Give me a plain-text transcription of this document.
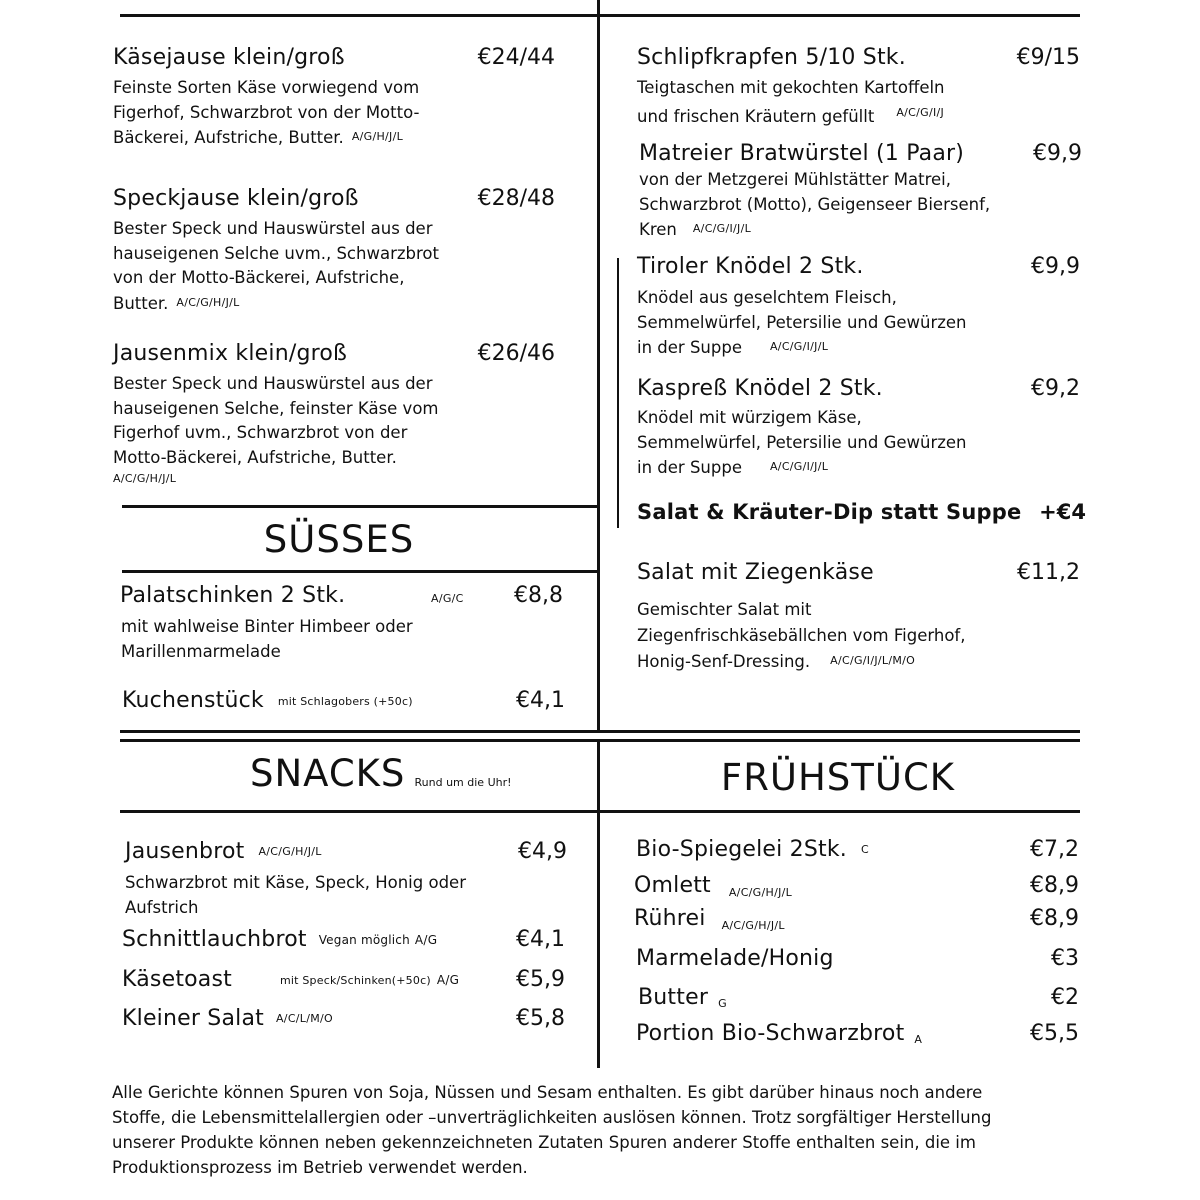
Käsejause klein/groß	€24/44
Feinste Sorten Käse vorwiegend vom
Figerhof, Schwarzbrot von der Motto-
Bäckerei, Aufstriche, Butter. A/G/H/J/L
Speckjause klein/groß	€28/48
Bester Speck und Hauswürstel aus der
hauseigenen Selche uvm., Schwarzbrot
von der Motto-Bäckerei, Aufstriche,
Butter. A/C/G/H/J/L
Jausenmix klein/groß	€26/46
Bester Speck und Hauswürstel aus der
hauseigenen Selche, feinster Käse vom
Figerhof uvm., Schwarzbrot von der
Motto-Bäckerei, Aufstriche, Butter.
A/C/G/H/J/L
SÜSSES
Palatschinken 2 Stk.	A/G/C	€8,8
mit wahlweise Binter Himbeer oder
Marillenmarmelade
Kuchenstück mit Schlagobers (+50c)	€4,1
Schlipfkrapfen 5/10 Stk.	€9/15
Teigtaschen mit gekochten Kartoffeln
und frischen Kräutern gefüllt $^{A/C/G/I/J}$
Matreier Bratwürstel (1 Paar)	€9,9
von der Metzgerei Mühlstätter Matrei,
Schwarzbrot (Motto), Geigenseer Biersenf,
Kren A/C/G/I/J/L
Tiroler Knödel 2 Stk.	€9,9
Knödel aus geselchtem Fleisch,
Semmelwürfel, Petersilie und Gewürzen
in der Suppe	A/C/G/I/J/L
Kaspreß Knödel 2 Stk.	€9,2
Knödel mit würzigem Käse,
Semmelwürfel, Petersilie und Gewürzen
in der Suppe	A/C/G/I/J/L
Salat & Kräuter-Dip statt Suppe +€4
Salat mit Ziegenkäse	€11,2
Gemischter Salat mit
Ziegenfrischkäsebällchen vom Figerhof,
Honig-Senf-Dressing. A/C/G/I/J/L/M/O
SNACKS Rund um die Uhr!
Jausenbrot A/C/G/H/J/L	€4,9
Schwarzbrot mit Käse, Speck, Honig oder
Aufstrich
Schnittlauchbrot Vegan möglich A/G	€4,1
Käsetoast	mit Speck/Schinken(+50c) A/G	€5,9
Kleiner Salat A/C/L/M/O	€5,8
FRÜHSTÜCK
Bio-Spiegelei 2Stk. C	€7,2
Omlett A/C/G/H/J/L	€8,9
Rührei A/C/G/H/J/L	€8,9
Marmelade/Honig	€3
Butter G	€2
Portion Bio-Schwarzbrot A	€5,5
Alle Gerichte können Spuren von Soja, Nüssen und Sesam enthalten. Es gibt darüber hinaus noch andere
Stoffe, die Lebensmittelallergien oder –unverträglichkeiten auslösen können. Trotz sorgfältiger Herstellung
unserer Produkte können neben gekennzeichneten Zutaten Spuren anderer Stoffe enthalten sein, die im
Produktionsprozess im Betrieb verwendet werden.
